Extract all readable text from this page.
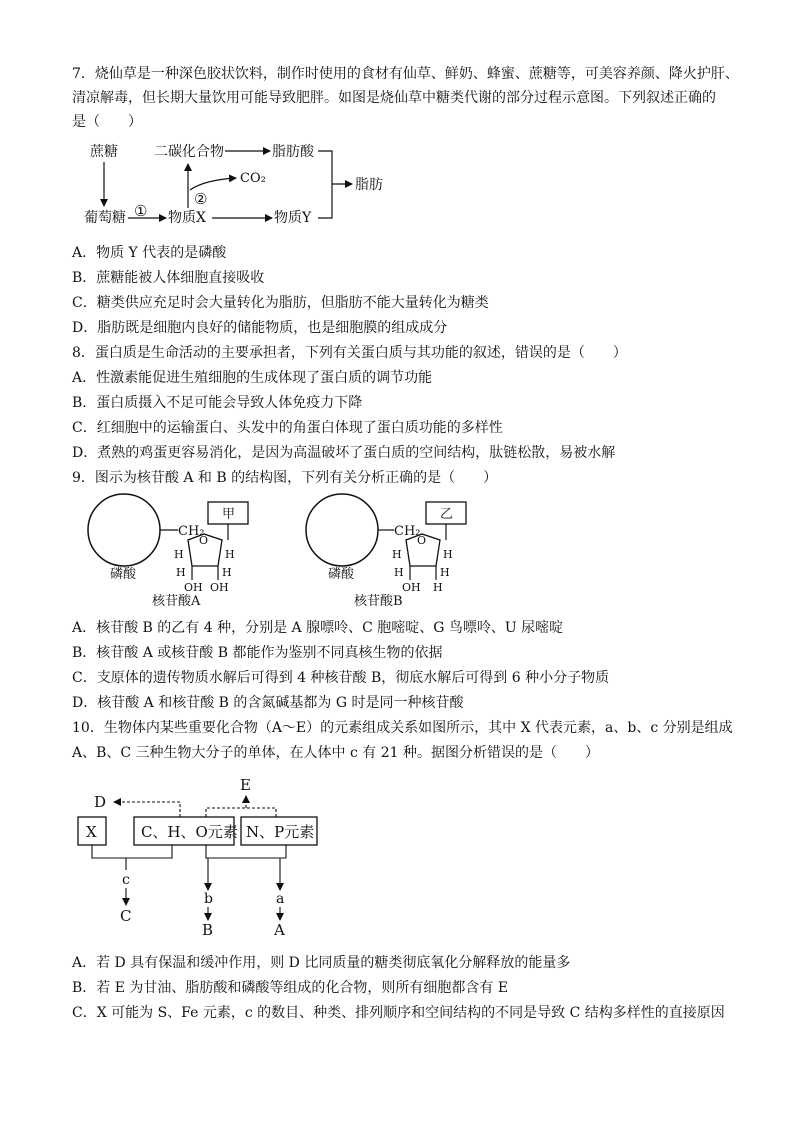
7．烧仙草是一种深色胶状饮料，制作时使用的食材有仙草、鲜奶、蜂蜜、蔗糖等，可美容养颜、降火护肝、
清凉解毒，但长期大量饮用可能导致肥胖。如图是烧仙草中糖类代谢的部分过程示意图。下列叙述正确的
是（　　）
蔗糖	二碳化合物	脂肪酸
葡萄糖 ① 物质X
②
CO₂
物质Y
脂肪
A．物质 Y 代表的是磷酸
B．蔗糖能被人体细胞直接吸收
C．糖类供应充足时会大量转化为脂肪，但脂肪不能大量转化为糖类
D．脂肪既是细胞内良好的储能物质，也是细胞膜的组成成分
8．蛋白质是生命活动的主要承担者，下列有关蛋白质与其功能的叙述，错误的是（　　）
A．性激素能促进生殖细胞的生成体现了蛋白质的调节功能
B．蛋白质摄入不足可能会导致人体免疫力下降
C．红细胞中的运输蛋白、头发中的角蛋白体现了蛋白质功能的多样性
D．煮熟的鸡蛋更容易消化，是因为高温破坏了蛋白质的空间结构，肽链松散，易被水解
9．图示为核苷酸 A 和 B 的结构图，下列有关分析正确的是（　　）
磷酸
CH₂
甲
O
H
H
H
H
OH OH
核苷酸A
磷酸
CH₂
乙
O
H
H
H
H
OH H
核苷酸B
A．核苷酸 B 的乙有 4 种，分别是 A 腺嘌呤、C 胞嘧啶、G 鸟嘌呤、U 尿嘧啶
B．核苷酸 A 或核苷酸 B 都能作为鉴别不同真核生物的依据
C．支原体的遗传物质水解后可得到 4 种核苷酸 B，彻底水解后可得到 6 种小分子物质
D．核苷酸 A 和核苷酸 B 的含氮碱基都为 G 时是同一种核苷酸
10．生物体内某些重要化合物（A～E）的元素组成关系如图所示，其中 X 代表元素，a、b、c 分别是组成
A、B、C 三种生物大分子的单体，在人体中 c 有 21 种。据图分析错误的是（　　）
D
E
X	C、H、O元素 N、P元素
c
C
b
B
a
A
A．若 D 具有保温和缓冲作用，则 D 比同质量的糖类彻底氧化分解释放的能量多
B．若 E 为甘油、脂肪酸和磷酸等组成的化合物，则所有细胞都含有 E
C．X 可能为 S、Fe 元素，c 的数目、种类、排列顺序和空间结构的不同是导致 C 结构多样性的直接原因
